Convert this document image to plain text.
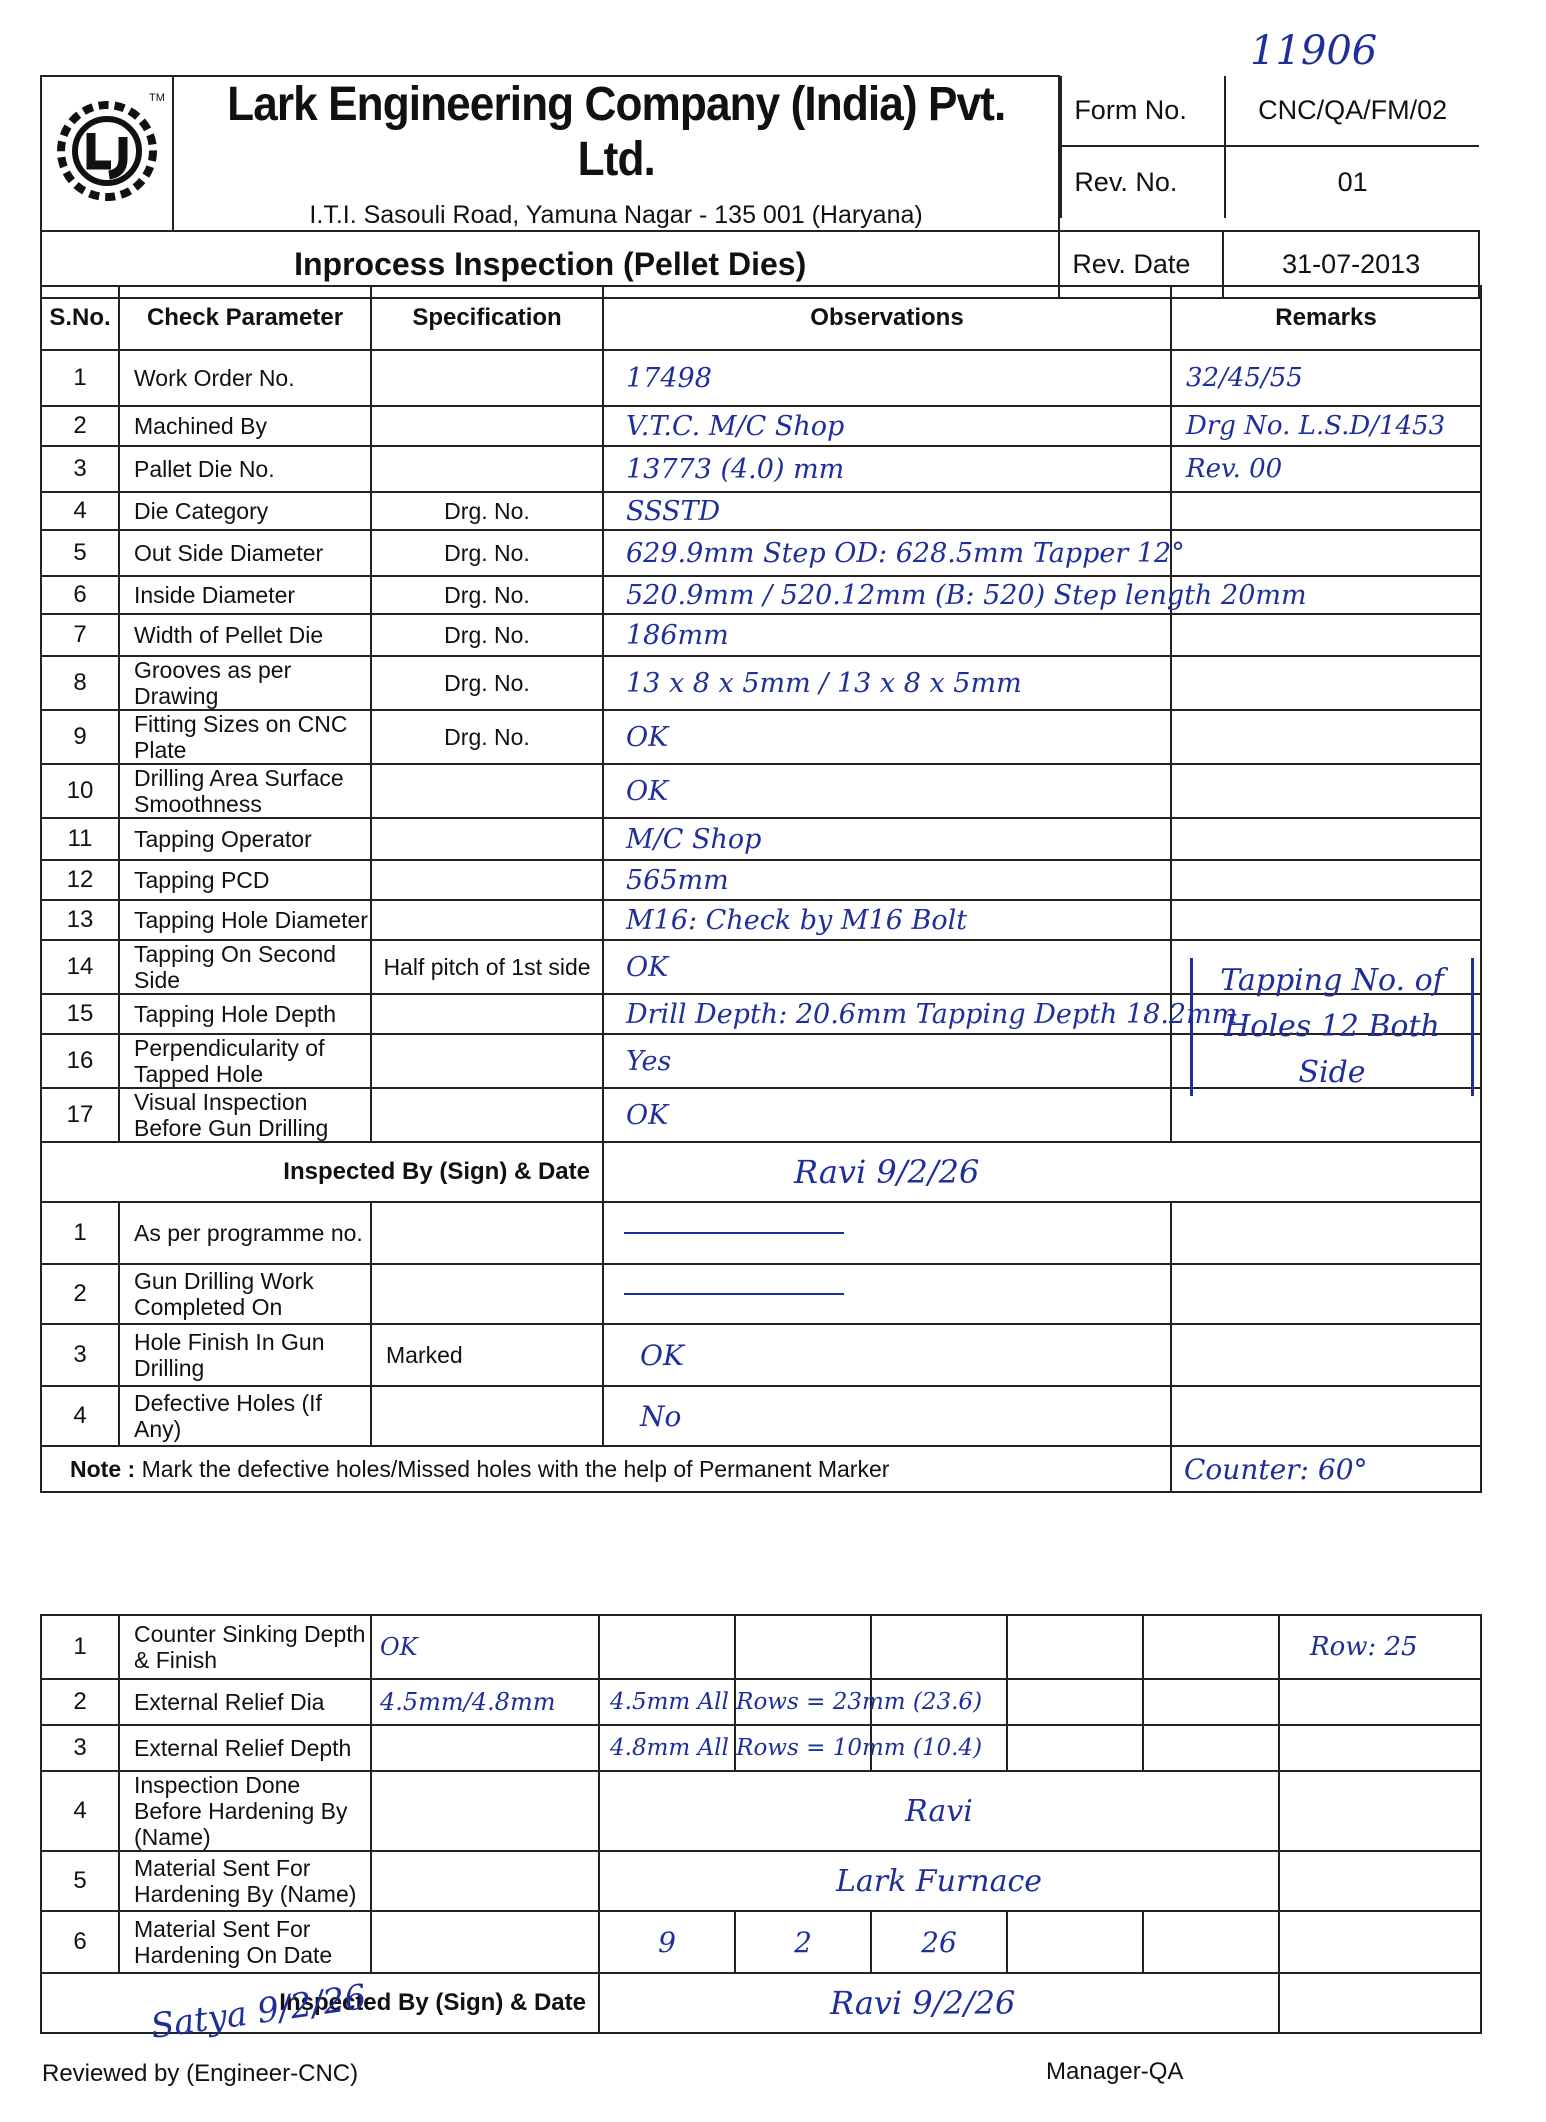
11906
TM	Lark Engineering Company (India) Pvt. Ltd.
I.T.I. Sasouli Road, Yamuna Nagar - 135 001 (Haryana)

Form No.	CNC/QA/FM/02
Rev. No.	01

Inprocess Inspection (Pellet Dies)		Rev. Date	31-07-2013
S.No.	Check Parameter	Specification	Observations	Remarks
1	Work Order No.		17498	32/45/55
2	Machined By		V.T.C. M/C Shop	Drg No. L.S.D/1453
3	Pallet Die No.		13773 (4.0) mm	Rev. 00
4	Die Category	Drg. No.	SSSTD	
5	Out Side Diameter	Drg. No.	629.9mm Step OD: 628.5mm Tapper 12°	
6	Inside Diameter	Drg. No.	520.9mm / 520.12mm (B: 520) Step length 20mm	
7	Width of Pellet Die	Drg. No.	186mm	
8	Grooves as per Drawing	Drg. No.	13 x 8 x 5mm / 13 x 8 x 5mm	
9	Fitting Sizes on CNC Plate	Drg. No.	OK	
10	Drilling Area Surface Smoothness		OK	
11	Tapping Operator		M/C Shop	
12	Tapping PCD		565mm	
13	Tapping Hole Diameter		M16: Check by M16 Bolt	
14	Tapping On Second Side	Half pitch of 1st side	OK	
15	Tapping Hole Depth		Drill Depth: 20.6mm Tapping Depth 18.2mm	
16	Perpendicularity of Tapped Hole		Yes	
17	Visual Inspection Before Gun Drilling		OK	
Inspected By (Sign) & Date			Ravi 9/2/26	
1	As per programme no.		

2	Gun Drilling Work Completed On		

3	Hole Finish In Gun Drilling	Marked	OK	
4	Defective Holes (If Any)		No	
Note : Mark the defective holes/Missed holes with the help of Permanent Marker				Counter: 60°
1	Counter Sinking Depth & Finish	OK						Row: 25
2	External Relief Dia	4.5mm/4.8mm	4.5mm All Rows = 23mm (23.6)					
3	External Relief Depth		4.8mm All Rows = 10mm (10.4)					
4	Inspection Done Before Hardening By (Name)		Ravi					
5	Material Sent For Hardening By (Name)		Lark Furnace					
6	Material Sent For Hardening On Date		9	2	26			
Inspected By (Sign) & Date			Ravi 9/2/26					
Tapping No. of Holes 12 Both Side
Satya 9/2/26
Reviewed by (Engineer-CNC)	Manager-QA
